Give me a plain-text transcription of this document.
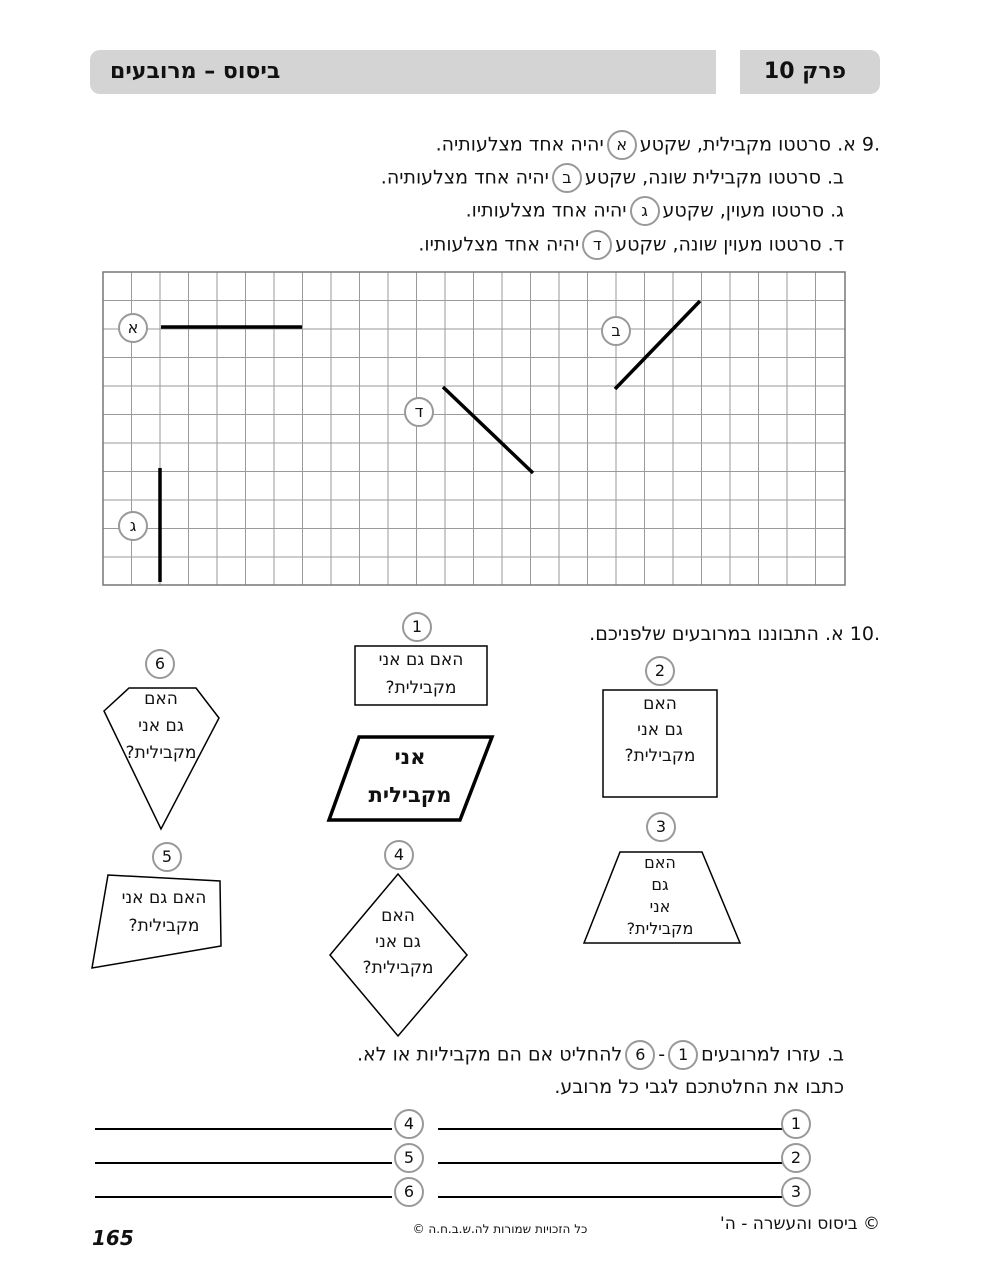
ביסוס – מרובעים	פרק 10
.9 א. סרטטו מקבילית, שקטעאיהיה אחד מצלעותיה.
ב. סרטטו מקבילית שונה, שקטעביהיה אחד מצלעותיה.
ג. סרטטו מעוין, שקטעגיהיה אחד מצלעותיו.
ד. סרטטו מעוין שונה, שקטעדיהיה אחד מצלעותיו.
א	ב
ד
ג
.10 א. התבוננו במרובעים שלפניכם.
1
האם גם אני
מקבילית?
2
האם
גם אני
מקבילית?
3
האם
גם
אני
מקבילית?
4
האם
גם אני
מקבילית?
5
האם גם אני
מקבילית?
6
האם
גם אני
מקבילית?	אני
מקבילית
ב. עזרו למרובעים1-6להחליט אם הם מקביליות או לא.
כתבו את החלטתכם לגבי כל מרובע.
1
2
3
4
5
6
165	כל הזכויות שמורות לה.ש.ב.ח.ה ©	© ביסוס והעשרה - ה'
